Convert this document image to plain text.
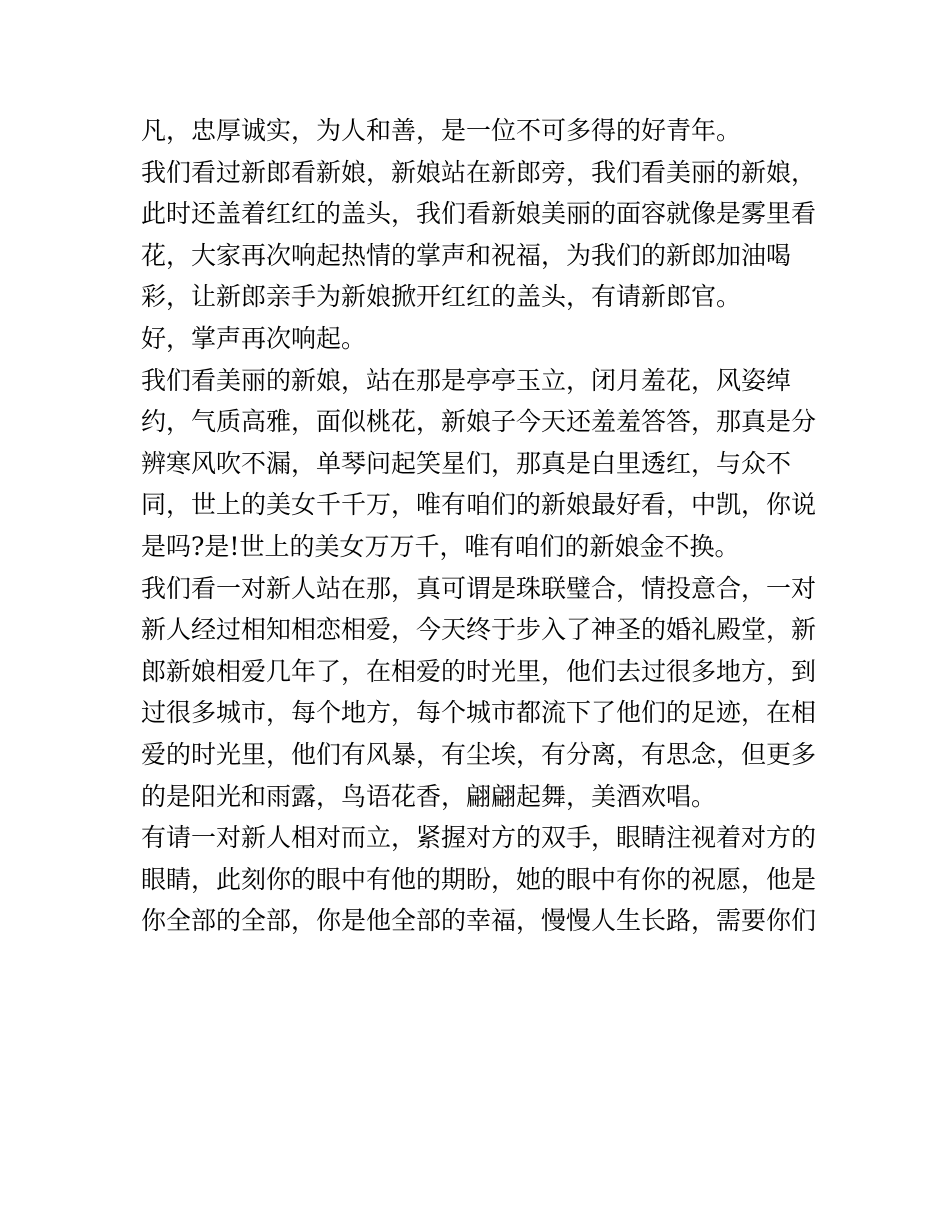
凡，忠厚诚实，为人和善，是一位不可多得的好青年。
我们看过新郎看新娘，新娘站在新郎旁，我们看美丽的新娘，
此时还盖着红红的盖头，我们看新娘美丽的面容就像是雾里看
花，大家再次响起热情的掌声和祝福，为我们的新郎加油喝
彩，让新郎亲手为新娘掀开红红的盖头，有请新郎官。
好，掌声再次响起。
我们看美丽的新娘，站在那是亭亭玉立，闭月羞花，风姿绰
约，气质高雅，面似桃花，新娘子今天还羞羞答答，那真是分
辨寒风吹不漏，单琴问起笑星们，那真是白里透红，与众不
同，世上的美女千千万，唯有咱们的新娘最好看，中凯，你说
是吗?是!世上的美女万万千，唯有咱们的新娘金不换。
我们看一对新人站在那，真可谓是珠联璧合，情投意合，一对
新人经过相知相恋相爱，今天终于步入了神圣的婚礼殿堂，新
郎新娘相爱几年了，在相爱的时光里，他们去过很多地方，到
过很多城市，每个地方，每个城市都流下了他们的足迹，在相
爱的时光里，他们有风暴，有尘埃，有分离，有思念，但更多
的是阳光和雨露，鸟语花香，翩翩起舞，美酒欢唱。
有请一对新人相对而立，紧握对方的双手，眼睛注视着对方的
眼睛，此刻你的眼中有他的期盼，她的眼中有你的祝愿，他是
你全部的全部，你是他全部的幸福，慢慢人生长路，需要你们
